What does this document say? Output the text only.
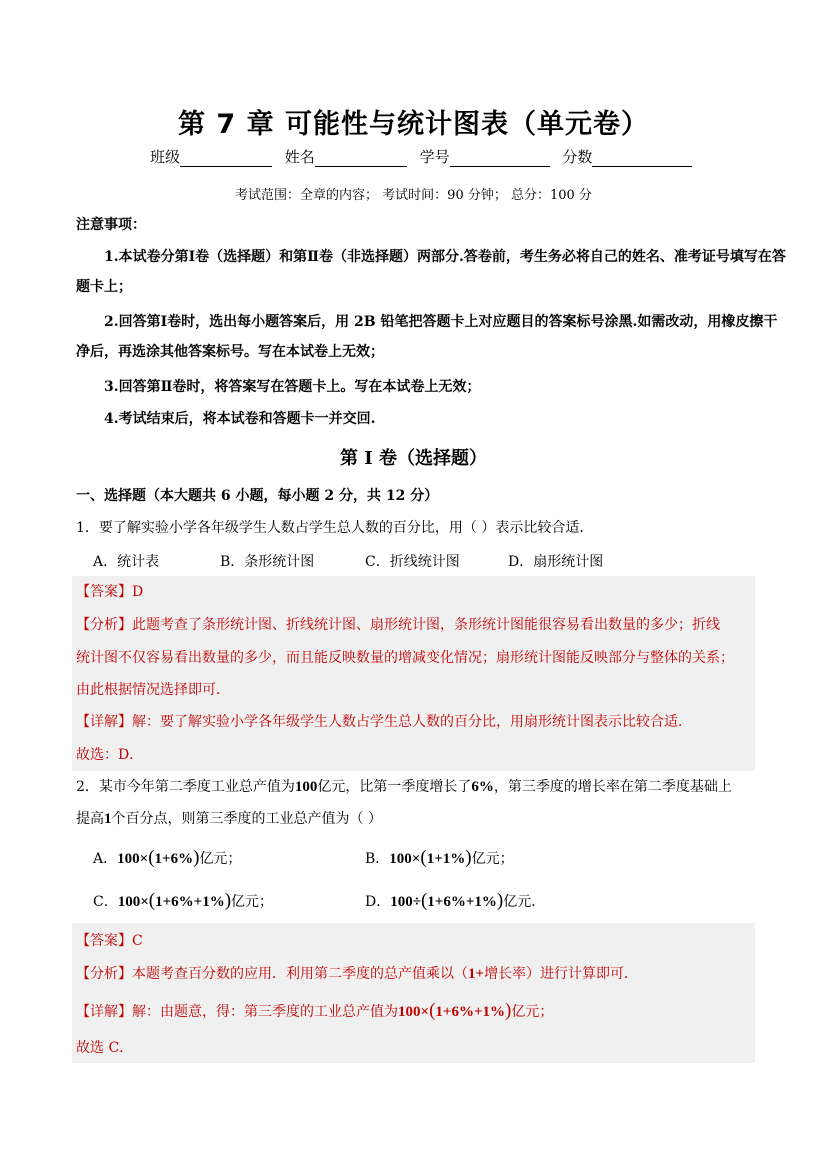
第 7 章 可能性与统计图表（单元卷）
班级	姓名	学号	分数
考试范围：全章的内容； 考试时间：90 分钟； 总分：100 分
注意事项：
1.本试卷分第Ⅰ卷（选择题）和第Ⅱ卷（非选择题）两部分.答卷前，考生务必将自己的姓名、准考证号填写在答题卡上；
2.回答第Ⅰ卷时，选出每小题答案后，用 2B 铅笔把答题卡上对应题目的答案标号涂黑.如需改动，用橡皮擦干净后，再选涂其他答案标号。写在本试卷上无效；
3.回答第Ⅱ卷时，将答案写在答题卡上。写在本试卷上无效；
4.考试结束后，将本试卷和答题卡一并交回.
第 I 卷（选择题）
一、选择题（本大题共 6 小题，每小题 2 分，共 12 分）
1．要了解实验小学各年级学生人数占学生总人数的百分比，用（ ）表示比较合适．
A．统计表	B．条形统计图	C．折线统计图	D．扇形统计图
【答案】D
【分析】此题考查了条形统计图、折线统计图、扇形统计图，条形统计图能很容易看出数量的多少；折线
统计图不仅容易看出数量的多少，而且能反映数量的增减变化情况；扇形统计图能反映部分与整体的关系；
由此根据情况选择即可．
【详解】解：要了解实验小学各年级学生人数占学生总人数的百分比，用扇形统计图表示比较合适．
故选：D．
2．某市今年第二季度工业总产值为100亿元，比第一季度增长了6%，第三季度的增长率在第二季度基础上
提高1个百分点，则第三季度的工业总产值为（ ）
A．100×(1+6%)亿元；	B．100×(1+1%)亿元；
C．100×(1+6%+1%)亿元；	D．100÷(1+6%+1%)亿元．
【答案】C
【分析】本题考查百分数的应用．利用第二季度的总产值乘以（1+增长率）进行计算即可．
【详解】解：由题意，得：第三季度的工业总产值为100×(1+6%+1%)亿元；
故选 C．
